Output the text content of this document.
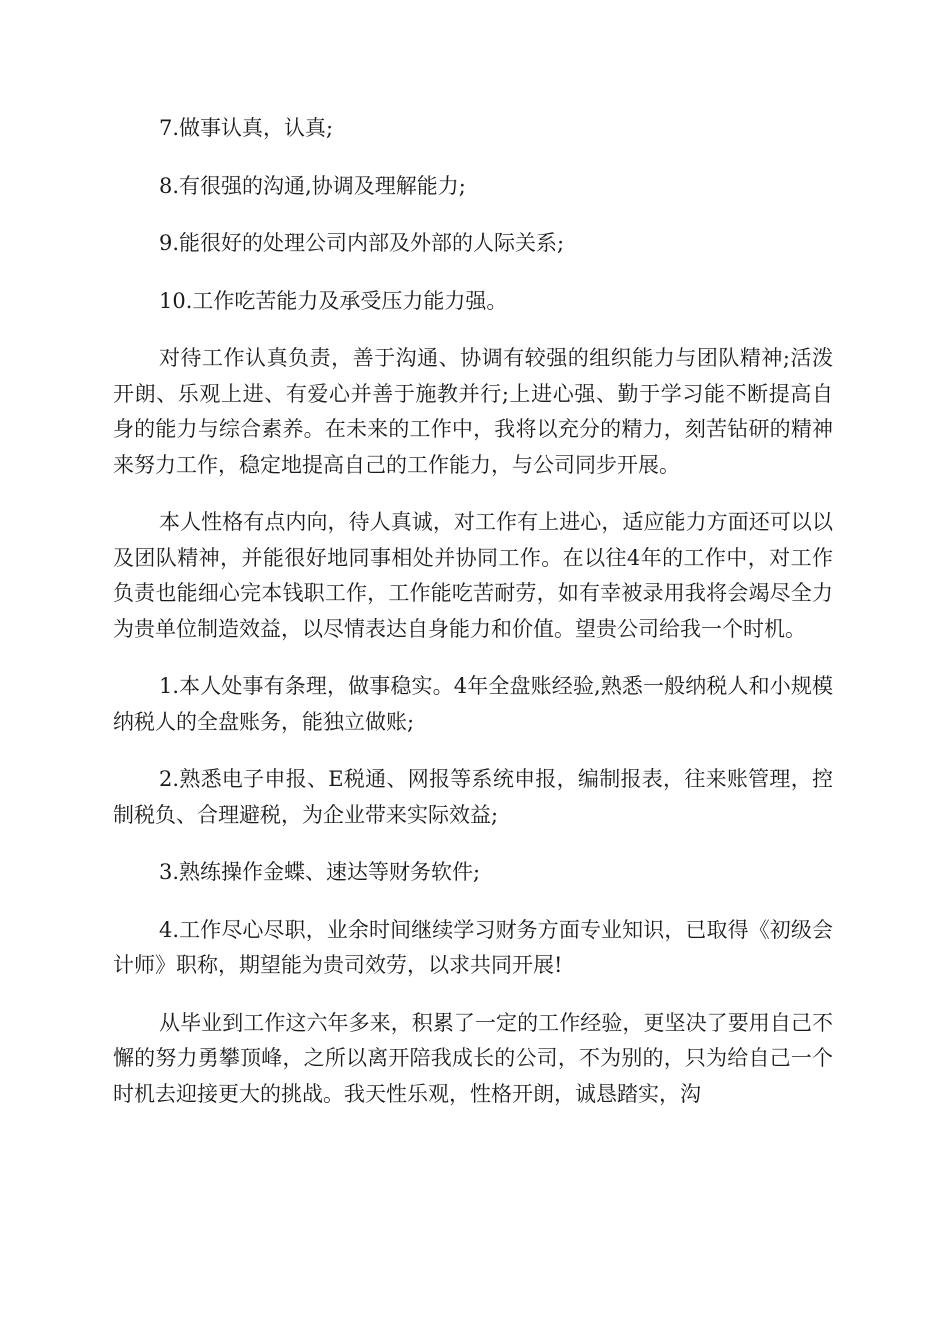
7.做事认真，认真;

8.有很强的沟通,协调及理解能力;

9.能很好的处理公司内部及外部的人际关系;

10.工作吃苦能力及承受压力能力强。

对待工作认真负责，善于沟通、协调有较强的组织能力与团队精神;活泼开朗、乐观上进、有爱心并善于施教并行;上进心强、勤于学习能不断提高自身的能力与综合素养。在未来的工作中，我将以充分的精力，刻苦钻研的精神来努力工作，稳定地提高自己的工作能力，与公司同步开展。

本人性格有点内向，待人真诚，对工作有上进心，适应能力方面还可以以及团队精神，并能很好地同事相处并协同工作。在以往4年的工作中，对工作负责也能细心完本钱职工作，工作能吃苦耐劳，如有幸被录用我将会竭尽全力为贵单位制造效益，以尽情表达自身能力和价值。望贵公司给我一个时机。

1.本人处事有条理，做事稳实。4年全盘账经验,熟悉一般纳税人和小规模纳税人的全盘账务，能独立做账;

2.熟悉电子申报、E税通、网报等系统申报，编制报表，往来账管理，控制税负、合理避税，为企业带来实际效益;

3.熟练操作金蝶、速达等财务软件;

4.工作尽心尽职，业余时间继续学习财务方面专业知识，已取得《初级会计师》职称，期望能为贵司效劳，以求共同开展!

从毕业到工作这六年多来，积累了一定的工作经验，更坚决了要用自己不懈的努力勇攀顶峰，之所以离开陪我成长的公司，不为别的，只为给自己一个时机去迎接更大的挑战。我天性乐观，性格开朗，诚恳踏实，沟
